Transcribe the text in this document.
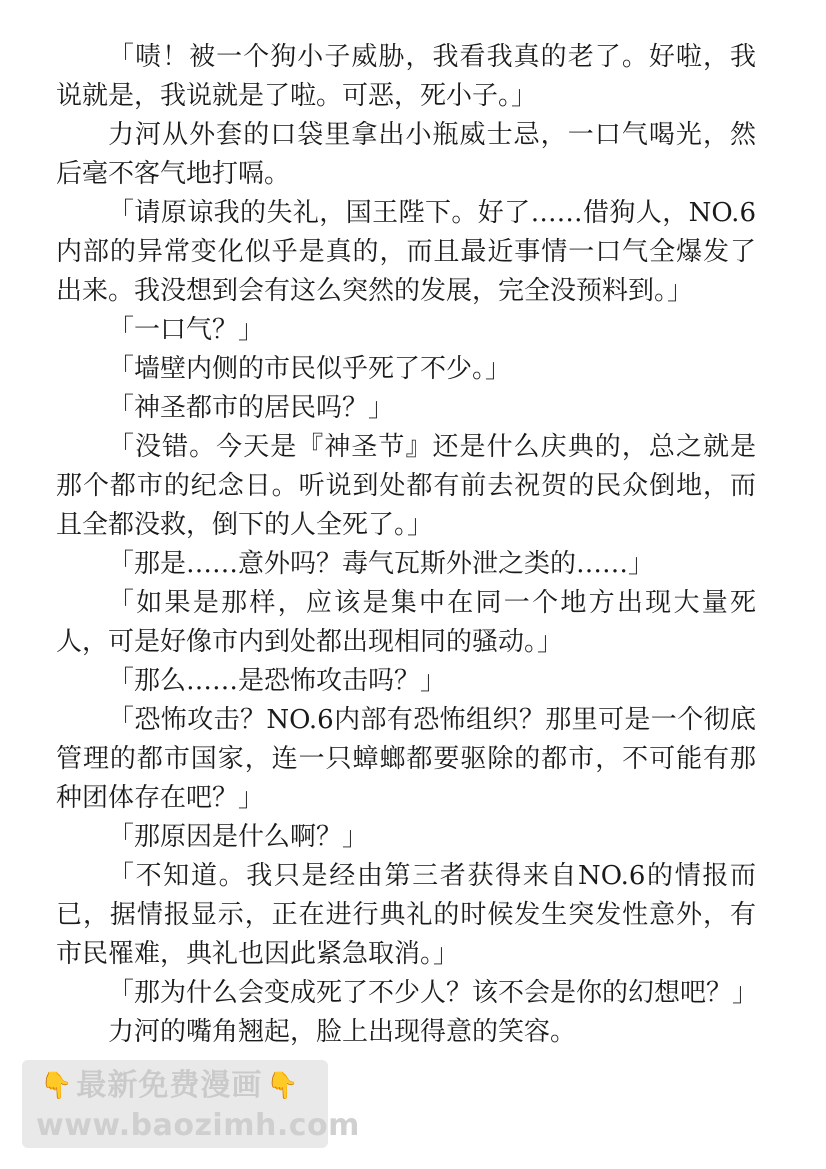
「啧！被一个狗小子威胁，我看我真的老了。好啦，我说就是，我说就是了啦。可恶，死小子。」

力河从外套的口袋里拿出小瓶威士忌，一口气喝光，然后毫不客气地打嗝。

「请原谅我的失礼，国王陛下。好了……借狗人，NO.6内部的异常变化似乎是真的，而且最近事情一口气全爆发了出来。我没想到会有这么突然的发展，完全没预料到。」

「一口气？」

「墙壁内侧的市民似乎死了不少。」

「神圣都市的居民吗？」

「没错。今天是『神圣节』还是什么庆典的，总之就是那个都市的纪念日。听说到处都有前去祝贺的民众倒地，而且全都没救，倒下的人全死了。」

「那是……意外吗？毒气瓦斯外泄之类的……」

「如果是那样，应该是集中在同一个地方出现大量死人，可是好像市内到处都出现相同的骚动。」

「那么……是恐怖攻击吗？」

「恐怖攻击？NO.6内部有恐怖组织？那里可是一个彻底管理的都市国家，连一只蟑螂都要驱除的都市，不可能有那种团体存在吧？」

「那原因是什么啊？」

「不知道。我只是经由第三者获得来自NO.6的情报而已，据情报显示，正在进行典礼的时候发生突发性意外，有市民罹难，典礼也因此紧急取消。」

「那为什么会变成死了不少人？该不会是你的幻想吧？」

力河的嘴角翘起，脸上出现得意的笑容。

👇 最新免费漫画 👇
www.baozimh.com
